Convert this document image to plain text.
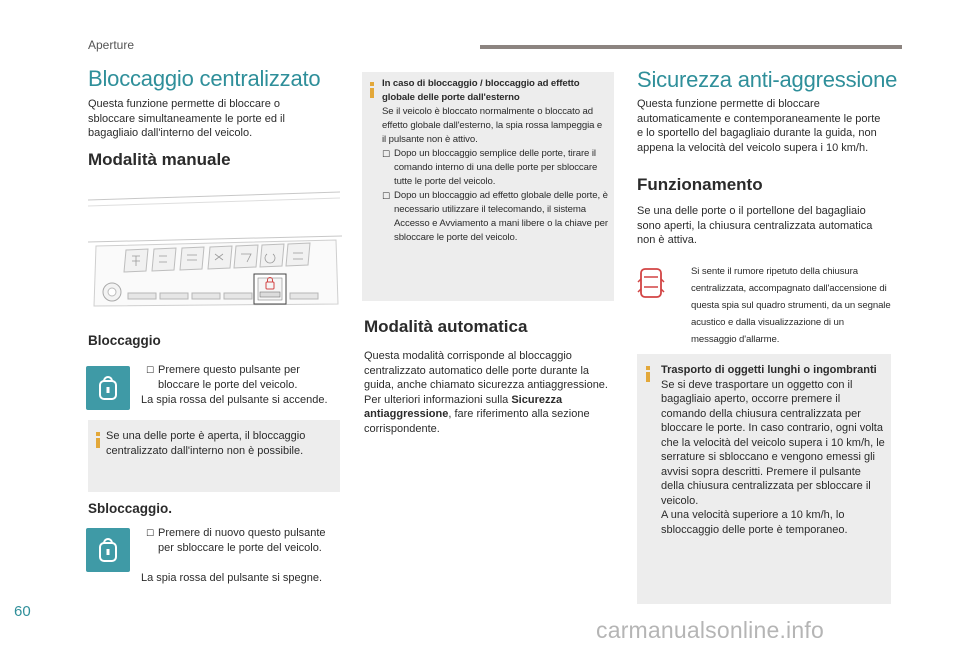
Aperture
Bloccaggio centralizzato
Questa funzione permette di bloccare o sbloccare simultaneamente le porte ed il bagagliaio dall'interno del veicolo.
Modalità manuale
Bloccaggio
☐ Premere questo pulsante per bloccare le porte del veicolo.
La spia rossa del pulsante si accende.
Se una delle porte è aperta, il bloccaggio centralizzato dall'interno non è possibile.
Sbloccaggio.
☐ Premere di nuovo questo pulsante per sbloccare le porte del veicolo.
La spia rossa del pulsante si spegne.
In caso di bloccaggio / bloccaggio ad effetto globale delle porte dall'esterno
Se il veicolo è bloccato normalmente o bloccato ad effetto globale dall'esterno, la spia rossa lampeggia e il pulsante non è attivo.
☐ Dopo un bloccaggio semplice delle porte, tirare il comando interno di una delle porte per sbloccare tutte le porte del veicolo.
☐ Dopo un bloccaggio ad effetto globale delle porte, è necessario utilizzare il telecomando, il sistema Accesso e Avviamento a mani libere o la chiave per sbloccare le porte del veicolo.
Modalità automatica
Questa modalità corrisponde al bloccaggio centralizzato automatico delle porte durante la guida, anche chiamato sicurezza antiaggressione.
Per ulteriori informazioni sulla Sicurezza antiaggressione, fare riferimento alla sezione corrispondente.
Sicurezza anti-aggressione
Questa funzione permette di bloccare automaticamente e contemporaneamente le porte e lo sportello del bagagliaio durante la guida, non appena la velocità del veicolo supera i 10 km/h.
Funzionamento
Se una delle porte o il portellone del bagagliaio sono aperti, la chiusura centralizzata automatica non è attiva.
Si sente il rumore ripetuto della chiusura centralizzata, accompagnato dall'accensione di questa spia sul quadro strumenti, da un segnale acustico e dalla visualizzazione di un messaggio d'allarme.
Trasporto di oggetti lunghi o ingombranti
Se si deve trasportare un oggetto con il bagagliaio aperto, occorre premere il comando della chiusura centralizzata per bloccare le porte. In caso contrario, ogni volta che la velocità del veicolo supera i 10 km/h, le serrature si sbloccano e vengono emessi gli avvisi sopra descritti. Premere il pulsante della chiusura centralizzata per sbloccare il veicolo.
A una velocità superiore a 10 km/h, lo sbloccaggio delle porte è temporaneo.
60
carmanualsonline.info
